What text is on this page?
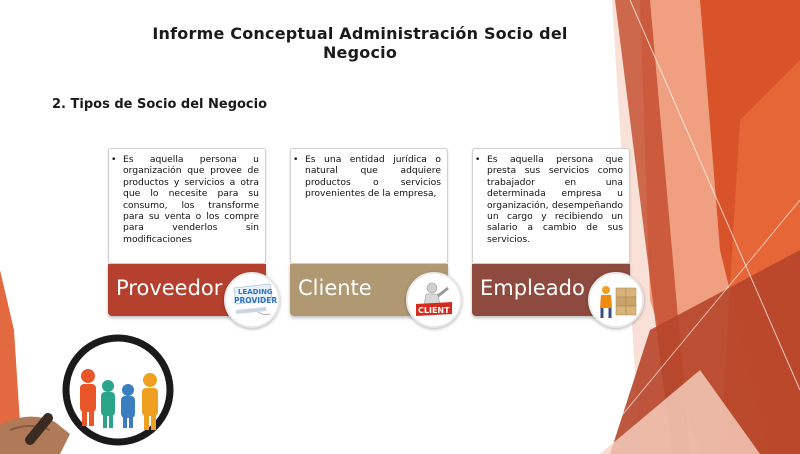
Informe Conceptual Administración Socio del Negocio
2. Tipos de Socio del Negocio

• Es aquella persona u organización que provee de productos y servicios a otra que lo necesite para su consumo, los transforme para su venta o los compre para venderlos sin modificaciones

Proveedor LEADING
PROVIDER

• Es una entidad jurídica o natural que adquiere productos o servicios provenientes de la empresa,

Cliente
CLIENT

• Es aquella persona que presta sus servicios como trabajador en una determinada empresa u organización, desempeñando un cargo y recibiendo un salario a cambio de sus servicios.

Empleado
